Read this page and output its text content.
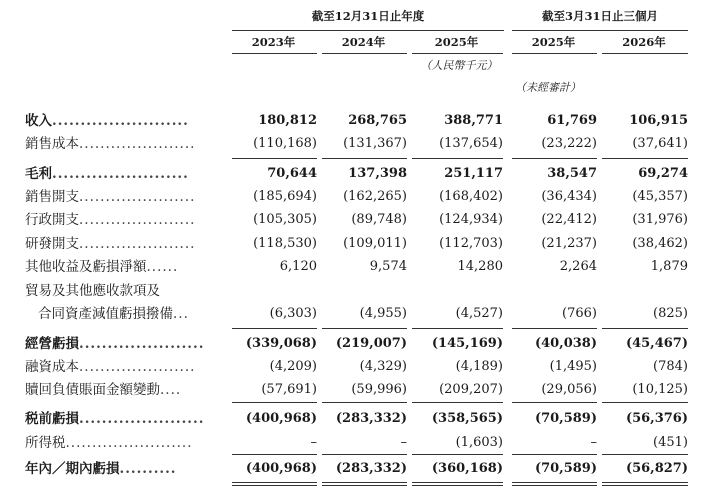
截至12月31日止年度	截至3月31日止三個月
2023年	2024年	2025年	2025年	2026年
（人民幣千元）
（未經審計）
收入........................	180,812	268,765	388,771	61,769	106,915
銷售成本......................	(110,168)	(131,367)	(137,654)	(23,222)	(37,641)
毛利........................	70,644	137,398	251,117	38,547	69,274
銷售開支......................	(185,694)	(162,265)	(168,402)	(36,434)	(45,357)
行政開支......................	(105,305)	(89,748)	(124,934)	(22,412)	(31,976)
研發開支......................	(118,530)	(109,011)	(112,703)	(21,237)	(38,462)
其他收益及虧損淨額......	6,120	9,574	14,280	2,264	1,879
貿易及其他應收款項及
合同資產減值虧損撥備...	(6,303)	(4,955)	(4,527)	(766)	(825)
經營虧損......................	(339,068)	(219,007)	(145,169)	(40,038)	(45,467)
融資成本......................	(4,209)	(4,329)	(4,189)	(1,495)	(784)
贖回負債賬面金額變動....	(57,691)	(59,996)	(209,207)	(29,056)	(10,125)
税前虧損......................	(400,968)	(283,332)	(358,565)	(70,589)	(56,376)
所得税........................	–	–	(1,603)	–	(451)
年內／期內虧損..........	(400,968)	(283,332)	(360,168)	(70,589)	(56,827)
